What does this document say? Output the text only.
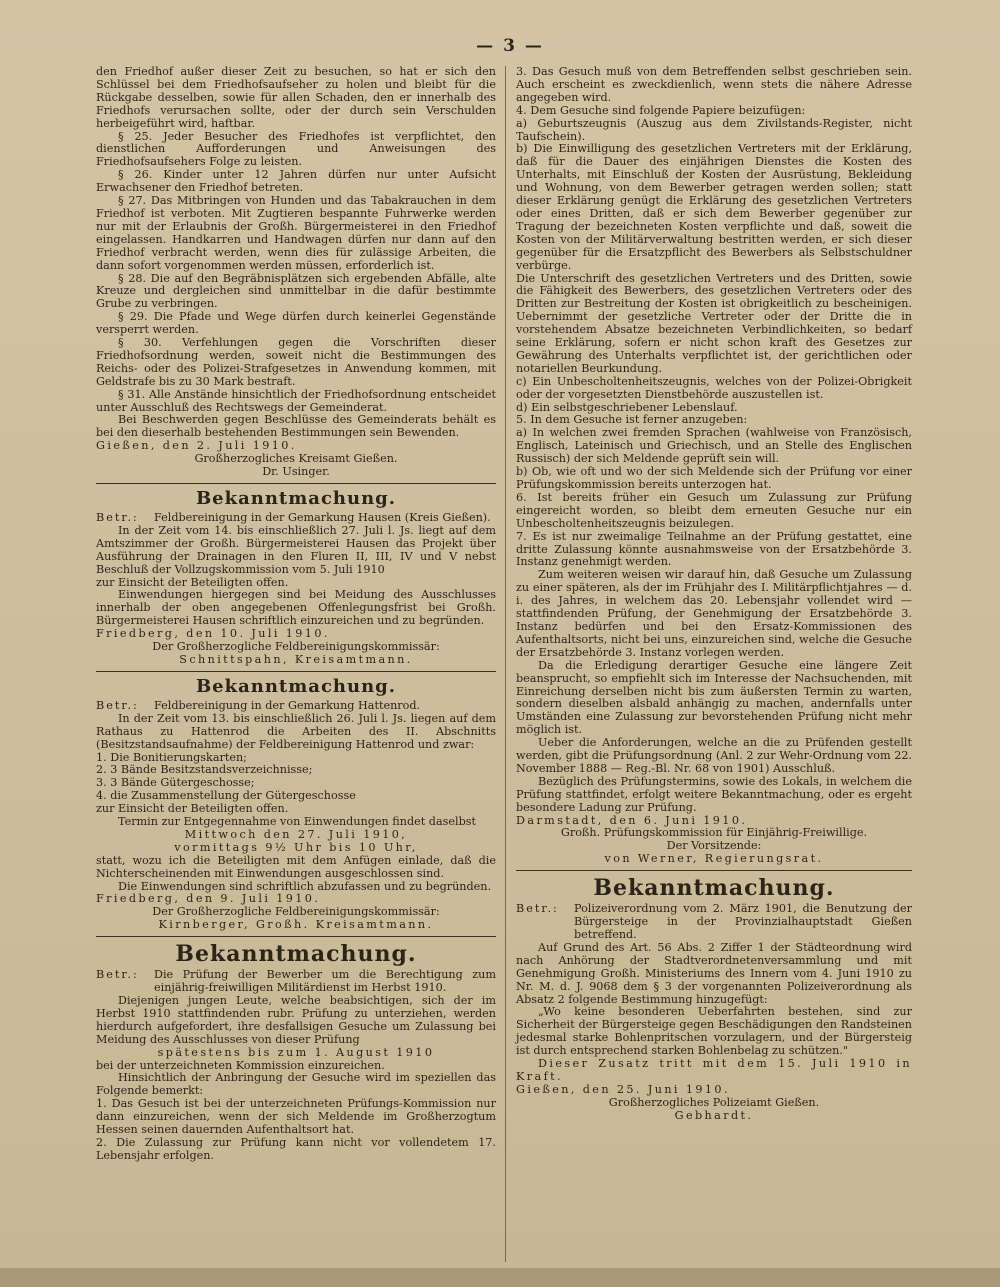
— 3 —

den Friedhof außer dieser Zeit zu besuchen, so hat er sich den Schlüssel bei dem Friedhofsaufseher zu holen und bleibt für die Rückgabe desselben, sowie für allen Schaden, den er innerhalb des Friedhofs verursachen sollte, oder der durch sein Verschulden herbeigeführt wird, haftbar.

§ 25. Jeder Besucher des Friedhofes ist verpflichtet, den dienstlichen Aufforderungen und Anweisungen des Friedhofsaufsehers Folge zu leisten.

§ 26. Kinder unter 12 Jahren dürfen nur unter Aufsicht Erwachsener den Friedhof betreten.

§ 27. Das Mitbringen von Hunden und das Tabakrauchen in dem Friedhof ist verboten. Mit Zugtieren bespannte Fuhrwerke werden nur mit der Erlaubnis der Großh. Bürgermeisterei in den Friedhof eingelassen. Handkarren und Handwagen dürfen nur dann auf den Friedhof verbracht werden, wenn dies für zulässige Arbeiten, die dann sofort vorgenommen werden müssen, erforderlich ist.

§ 28. Die auf den Begräbnisplätzen sich ergebenden Abfälle, alte Kreuze und dergleichen sind unmittelbar in die dafür bestimmte Grube zu verbringen.

§ 29. Die Pfade und Wege dürfen durch keinerlei Gegenstände versperrt werden.

§ 30. Verfehlungen gegen die Vorschriften dieser Friedhofsordnung werden, soweit nicht die Bestimmungen des Reichs- oder des Polizei-Strafgesetzes in Anwendung kommen, mit Geldstrafe bis zu 30 Mark bestraft.

§ 31. Alle Anstände hinsichtlich der Friedhofsordnung entscheidet unter Ausschluß des Rechtswegs der Gemeinderat.

Bei Beschwerden gegen Beschlüsse des Gemeinderats behält es bei den dieserhalb bestehenden Bestimmungen sein Bewenden.

Gießen, den 2. Juli 1910.

Großherzogliches Kreisamt Gießen.

Dr. Usinger.

Bekanntmachung.
Betr.:	Feldbereinigung in der Gemarkung Hausen (Kreis Gießen).

In der Zeit vom 14. bis einschließlich 27. Juli l. Js. liegt auf dem Amtszimmer der Großh. Bürgermeisterei Hausen das Projekt über Ausführung der Drainagen in den Fluren II, III, IV und V nebst Beschluß der Vollzugskommission vom 5. Juli 1910

zur Einsicht der Beteiligten offen.

Einwendungen hiergegen sind bei Meidung des Ausschlusses innerhalb der oben angegebenen Offenlegungsfrist bei Großh. Bürgermeisterei Hausen schriftlich einzureichen und zu begründen.

Friedberg, den 10. Juli 1910.

Der Großherzogliche Feldbereinigungskommissär:

Schnittspahn, Kreisamtmann.

Bekanntmachung.
Betr.:	Feldbereinigung in der Gemarkung Hattenrod.

In der Zeit vom 13. bis einschließlich 26. Juli l. Js. liegen auf dem Rathaus zu Hattenrod die Arbeiten des II. Abschnitts (Besitzstandsaufnahme) der Feldbereinigung Hattenrod und zwar:

1. Die Bonitierungskarten;

2. 3 Bände Besitzstandsverzeichnisse;

3. 3 Bände Gütergeschosse;

4. die Zusammenstellung der Gütergeschosse

zur Einsicht der Beteiligten offen.

Termin zur Entgegennahme von Einwendungen findet daselbst

Mittwoch den 27. Juli 1910,

vormittags 9½ Uhr bis 10 Uhr,

statt, wozu ich die Beteiligten mit dem Anfügen einlade, daß die Nichterscheinenden mit Einwendungen ausgeschlossen sind.

Die Einwendungen sind schriftlich abzufassen und zu begründen.

Friedberg, den 9. Juli 1910.

Der Großherzogliche Feldbereinigungskommissär:

Kirnberger, Großh. Kreisamtmann.

Bekanntmachung.
Betr.:	Die Prüfung der Bewerber um die Berechtigung zum einjährig-freiwilligen Militärdienst im Herbst 1910.

Diejenigen jungen Leute, welche beabsichtigen, sich der im Herbst 1910 stattfindenden rubr. Prüfung zu unterziehen, werden hierdurch aufgefordert, ihre desfallsigen Gesuche um Zulassung bei Meidung des Ausschlusses von dieser Prüfung

spätestens bis zum 1. August 1910

bei der unterzeichneten Kommission einzureichen.

Hinsichtlich der Anbringung der Gesuche wird im speziellen das Folgende bemerkt:

1. Das Gesuch ist bei der unterzeichneten Prüfungs-Kommission nur dann einzureichen, wenn der sich Meldende im Großherzogtum Hessen seinen dauernden Aufenthaltsort hat.

2. Die Zulassung zur Prüfung kann nicht vor vollendetem 17. Lebensjahr erfolgen.

3. Das Gesuch muß von dem Betreffenden selbst geschrieben sein. Auch erscheint es zweckdienlich, wenn stets die nähere Adresse angegeben wird.

4. Dem Gesuche sind folgende Papiere beizufügen:

a) Geburtszeugnis (Auszug aus dem Zivilstands-Register, nicht Taufschein).

b) Die Einwilligung des gesetzlichen Vertreters mit der Erklärung, daß für die Dauer des einjährigen Dienstes die Kosten des Unterhalts, mit Einschluß der Kosten der Ausrüstung, Bekleidung und Wohnung, von dem Bewerber getragen werden sollen; statt dieser Erklärung genügt die Erklärung des gesetzlichen Vertreters oder eines Dritten, daß er sich dem Bewerber gegenüber zur Tragung der bezeichneten Kosten verpflichte und daß, soweit die Kosten von der Militärverwaltung bestritten werden, er sich dieser gegenüber für die Ersatzpflicht des Bewerbers als Selbstschuldner verbürge.

Die Unterschrift des gesetzlichen Vertreters und des Dritten, sowie die Fähigkeit des Bewerbers, des gesetzlichen Vertreters oder des Dritten zur Bestreitung der Kosten ist obrigkeitlich zu bescheinigen. Uebernimmt der gesetzliche Vertreter oder der Dritte die in vorstehendem Absatze bezeichneten Verbindlichkeiten, so bedarf seine Erklärung, sofern er nicht schon kraft des Gesetzes zur Gewährung des Unterhalts verpflichtet ist, der gerichtlichen oder notariellen Beurkundung.

c) Ein Unbescholtenheitszeugnis, welches von der Polizei-Obrigkeit oder der vorgesetzten Dienstbehörde auszustellen ist.

d) Ein selbstgeschriebener Lebenslauf.

5. In dem Gesuche ist ferner anzugeben:

a) In welchen zwei fremden Sprachen (wahlweise von Französisch, Englisch, Lateinisch und Griechisch, und an Stelle des Englischen Russisch) der sich Meldende geprüft sein will.

b) Ob, wie oft und wo der sich Meldende sich der Prüfung vor einer Prüfungskommission bereits unterzogen hat.

6. Ist bereits früher ein Gesuch um Zulassung zur Prüfung eingereicht worden, so bleibt dem erneuten Gesuche nur ein Unbescholtenheitszeugnis beizulegen.

7. Es ist nur zweimalige Teilnahme an der Prüfung gestattet, eine dritte Zulassung könnte ausnahmsweise von der Ersatzbehörde 3. Instanz genehmigt werden.

Zum weiteren weisen wir darauf hin, daß Gesuche um Zulassung zu einer späteren, als der im Frühjahr des I. Militärpflichtjahres — d. i. des Jahres, in welchem das 20. Lebensjahr vollendet wird — stattfindenden Prüfung, der Genehmigung der Ersatzbehörde 3. Instanz bedürfen und bei den Ersatz-Kommissionen des Aufenthaltsorts, nicht bei uns, einzureichen sind, welche die Gesuche der Ersatzbehörde 3. Instanz vorlegen werden.

Da die Erledigung derartiger Gesuche eine längere Zeit beansprucht, so empfiehlt sich im Interesse der Nachsuchenden, mit Einreichung derselben nicht bis zum äußersten Termin zu warten, sondern dieselben alsbald anhängig zu machen, andernfalls unter Umständen eine Zulassung zur bevorstehenden Prüfung nicht mehr möglich ist.

Ueber die Anforderungen, welche an die zu Prüfenden gestellt werden, gibt die Prüfungsordnung (Anl. 2 zur Wehr-Ordnung vom 22. November 1888 — Reg.-Bl. Nr. 68 von 1901) Ausschluß.

Bezüglich des Prüfungstermins, sowie des Lokals, in welchem die Prüfung stattfindet, erfolgt weitere Bekanntmachung, oder es ergeht besondere Ladung zur Prüfung.

Darmstadt, den 6. Juni 1910.

Großh. Prüfungskommission für Einjährig-Freiwillige.

Der Vorsitzende:

von Werner, Regierungsrat.

Bekanntmachung.
Betr.:	Polizeiverordnung vom 2. März 1901, die Benutzung der Bürgersteige in der Provinzialhauptstadt Gießen betreffend.

Auf Grund des Art. 56 Abs. 2 Ziffer 1 der Städteordnung wird nach Anhörung der Stadtverordnetenversammlung und mit Genehmigung Großh. Ministeriums des Innern vom 4. Juni 1910 zu Nr. M. d. J. 9068 dem § 3 der vorgenannten Polizeiverordnung als Absatz 2 folgende Bestimmung hinzugefügt:

„Wo keine besonderen Ueberfahrten bestehen, sind zur Sicherheit der Bürgersteige gegen Beschädigungen den Randsteinen jedesmal starke Bohlenpritschen vorzulagern, und der Bürgersteig ist durch entsprechend starken Bohlenbelag zu schützen."

Dieser Zusatz tritt mit dem 15. Juli 1910 in Kraft.

Gießen, den 25. Juni 1910.

Großherzogliches Polizeiamt Gießen.

Gebhardt.
